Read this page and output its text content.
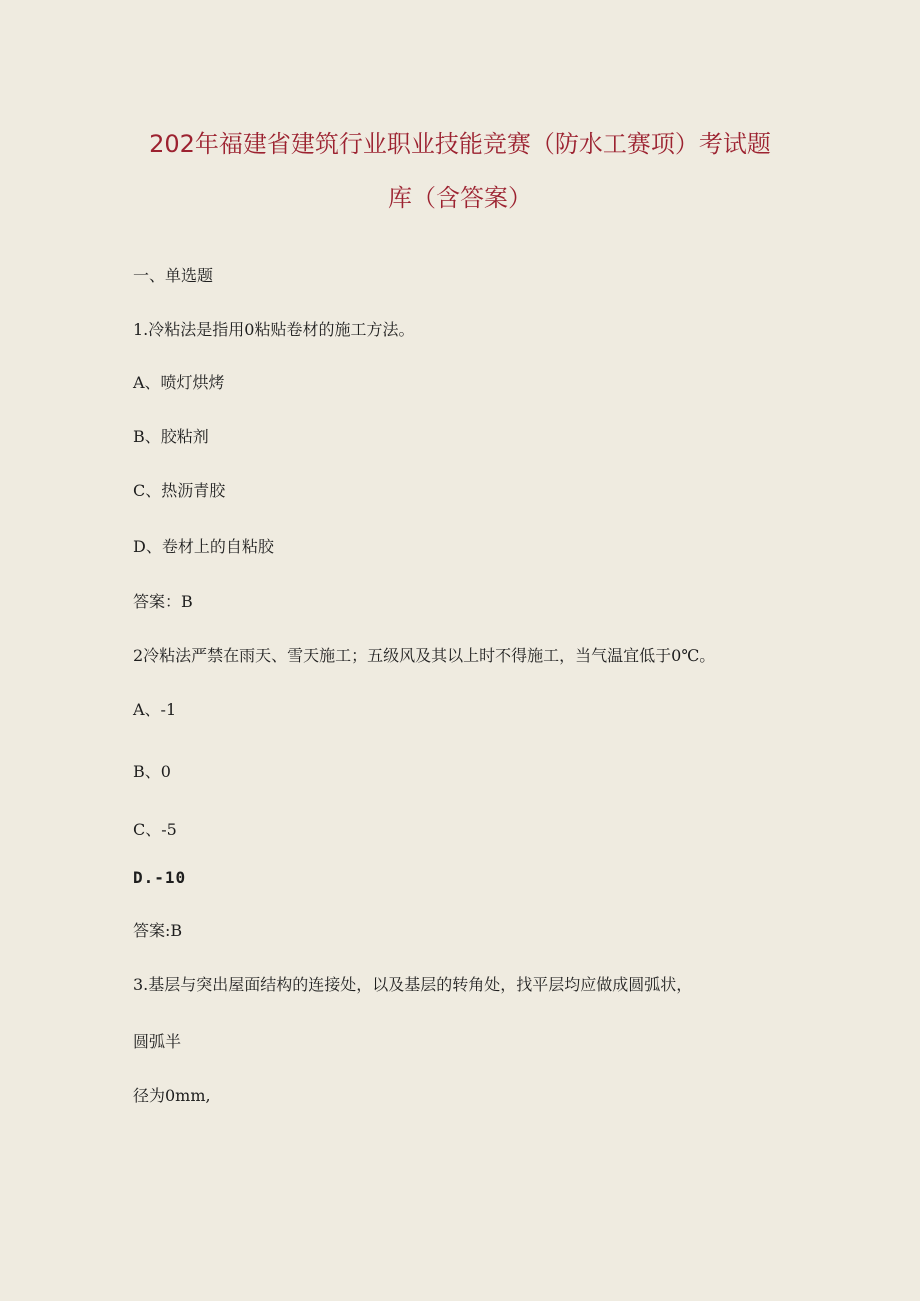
202年福建省建筑行业职业技能竞赛（防水工赛项）考试题
库（含答案）
一、单选题
1.冷粘法是指用0粘贴卷材的施工方法。
A、喷灯烘烤
B、胶粘剂
C、热沥青胶
D、卷材上的自粘胶
答案：B
2冷粘法严禁在雨天、雪天施工；五级风及其以上时不得施工，当气温宜低于0℃。
A、-1
B、0
C、-5
D.-10
答案:B
3.基层与突出屋面结构的连接处，以及基层的转角处，找平层均应做成圆弧状，
圆弧半
径为0mm,
